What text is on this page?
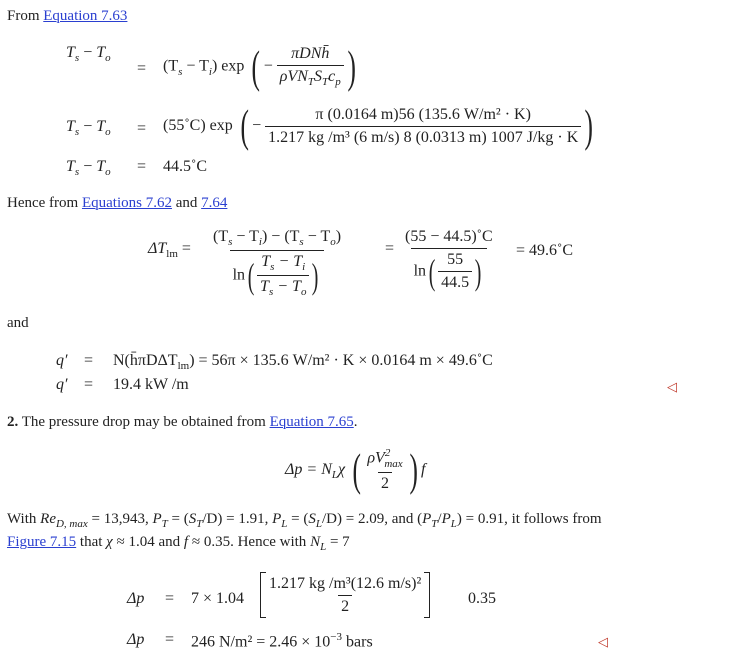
From Equation 7.63
$T_s - T_o$
= $(T_s - T_i)$ exp ( − $\frac{\text{πDNh̄}}{\rho VN_TS_Tc_p}$ )
$T_s - T_o$ = (55˚C) exp ( − $\frac{\text{π (0.0164 m)56 (135.6 W/m² · K)}}{\text{1.217 kg /m³ (6 m/s) 8 (0.0313 m) 1007 J/kg · K}}$ )
$T_s - T_o$ = 44.5˚C
Hence from Equations 7.62 and 7.64
$\Delta T_{lm} = \frac{(T_s - T_i) - (T_s - T_o)}{\ln( \frac{T_s - T_i}{T_s - T_o} )}$	= $\frac{(55 - 44.5)˚C}{\ln( \frac{55}{44.5} )}$ = 49.6˚C
and
q′ = N(h̄πDΔT$_{lm}$) = 56π × 135.6 W/m² · K × 0.0164 m × 49.6˚C
q′ = 19.4 kW /m	◁
2. The pressure drop may be obtained from Equation 7.65.
$\Delta p = N_L\chi$ ( $\frac{\rho V^2_{max}}{2}$ ) f
With $Re_{D, max} = 13,943$, $P_T = (S_T/D) = 1.91$, $P_L = (S_L/D) = 2.09$, and $(P_T/P_L) = 0.91$, it follows from
Figure 7.15 that χ ≈ 1.04 and f ≈ 0.35. Hence with $N_L = 7$
$\Delta p = 7 \times 1.04 \frac{\text{1.217 kg /m³(12.6 m/s)²}}{2}$	0.35
Δp = 246 $N/m^2 = 2.46 \times 10^{-3}$ bars	◁
